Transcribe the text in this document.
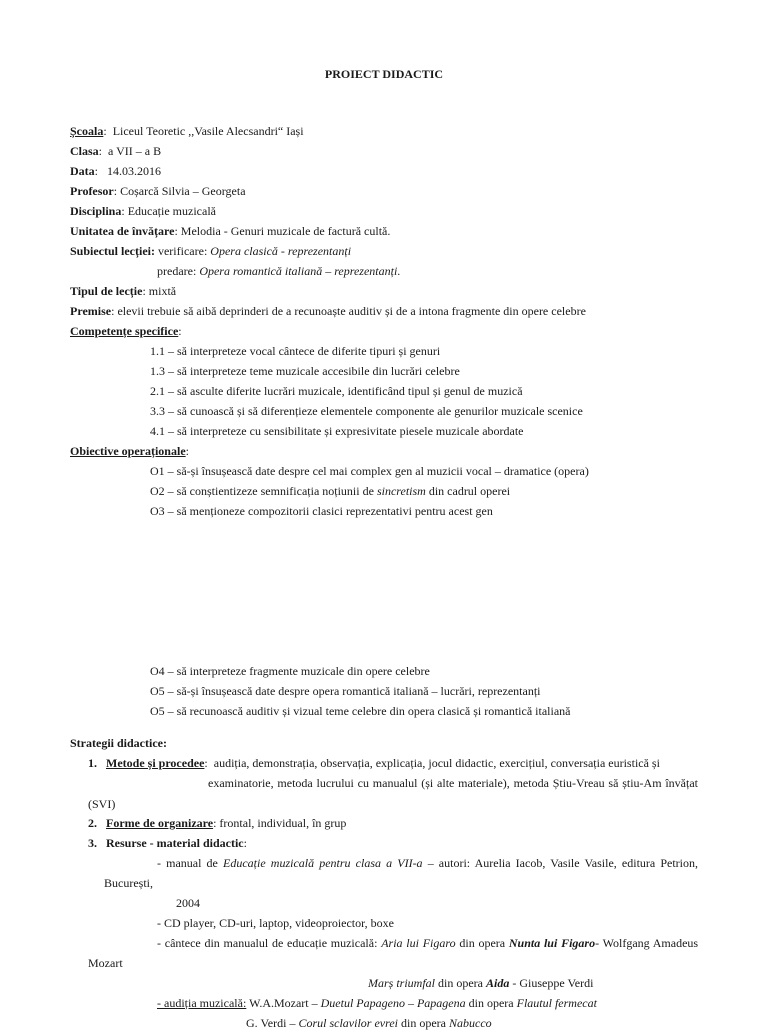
PROIECT DIDACTIC
Școala:  Liceul Teoretic ,,Vasile Alecsandri“ Iași
Clasa:  a VII – a B
Data:   14.03.2016
Profesor: Coșarcă Silvia – Georgeta
Disciplina: Educație muzicală
Unitatea de învățare: Melodia - Genuri muzicale de factură cultă.
Subiectul lecției: verificare: Opera clasică - reprezentanți
predare: Opera romantică italiană – reprezentanți.
Tipul de lecție: mixtă
Premise: elevii trebuie să aibă deprinderi de a recunoaște auditiv și de a intona fragmente din opere celebre
Competențe specifice:
1.1 – să interpreteze vocal cântece de diferite tipuri și genuri
1.3 – să interpreteze teme muzicale accesibile din lucrări celebre
2.1 – să asculte diferite lucrări muzicale, identificând tipul și genul de muzică
3.3 – să cunoască și să diferențieze elementele componente ale genurilor muzicale scenice
4.1 – să interpreteze cu sensibilitate și expresivitate piesele muzicale abordate
Obiective operaționale:
O1 – să-și însușească date despre cel mai complex gen al muzicii vocal – dramatice (opera)
O2 – să conștientizeze semnificația noțiunii de sincretism din cadrul operei
O3 – să menționeze compozitorii clasici reprezentativi pentru acest gen
O4 – să interpreteze fragmente muzicale din opere celebre
O5 – să-și însușească date despre opera romantică italiană – lucrări, reprezentanți
O5 – să recunoască auditiv și vizual teme celebre din opera clasică și romantică italiană
Strategii didactice:
1. Metode și procedee:  audiția, demonstrația, observația, explicația, jocul didactic, exercițiul, conversația euristică și
examinatorie, metoda lucrului cu manualul (și alte materiale), metoda Știu-Vreau să știu-Am învățat
(SVI)
2. Forme de organizare: frontal, individual, în grup
3. Resurse - material didactic:
- manual de Educație muzicală pentru clasa a VII-a – autori: Aurelia Iacob, Vasile Vasile, editura Petrion,
București,
2004
- CD player, CD-uri, laptop, videoproiector, boxe
- cântece din manualul de educație muzicală: Aria lui Figaro din opera Nunta lui Figaro- Wolfgang Amadeus
Mozart
Marș triumfal din opera Aida - Giuseppe Verdi
- audiția muzicală: W.A.Mozart – Duetul Papageno – Papagena din opera Flautul fermecat
G. Verdi – Corul sclavilor evrei din opera Nabucco
